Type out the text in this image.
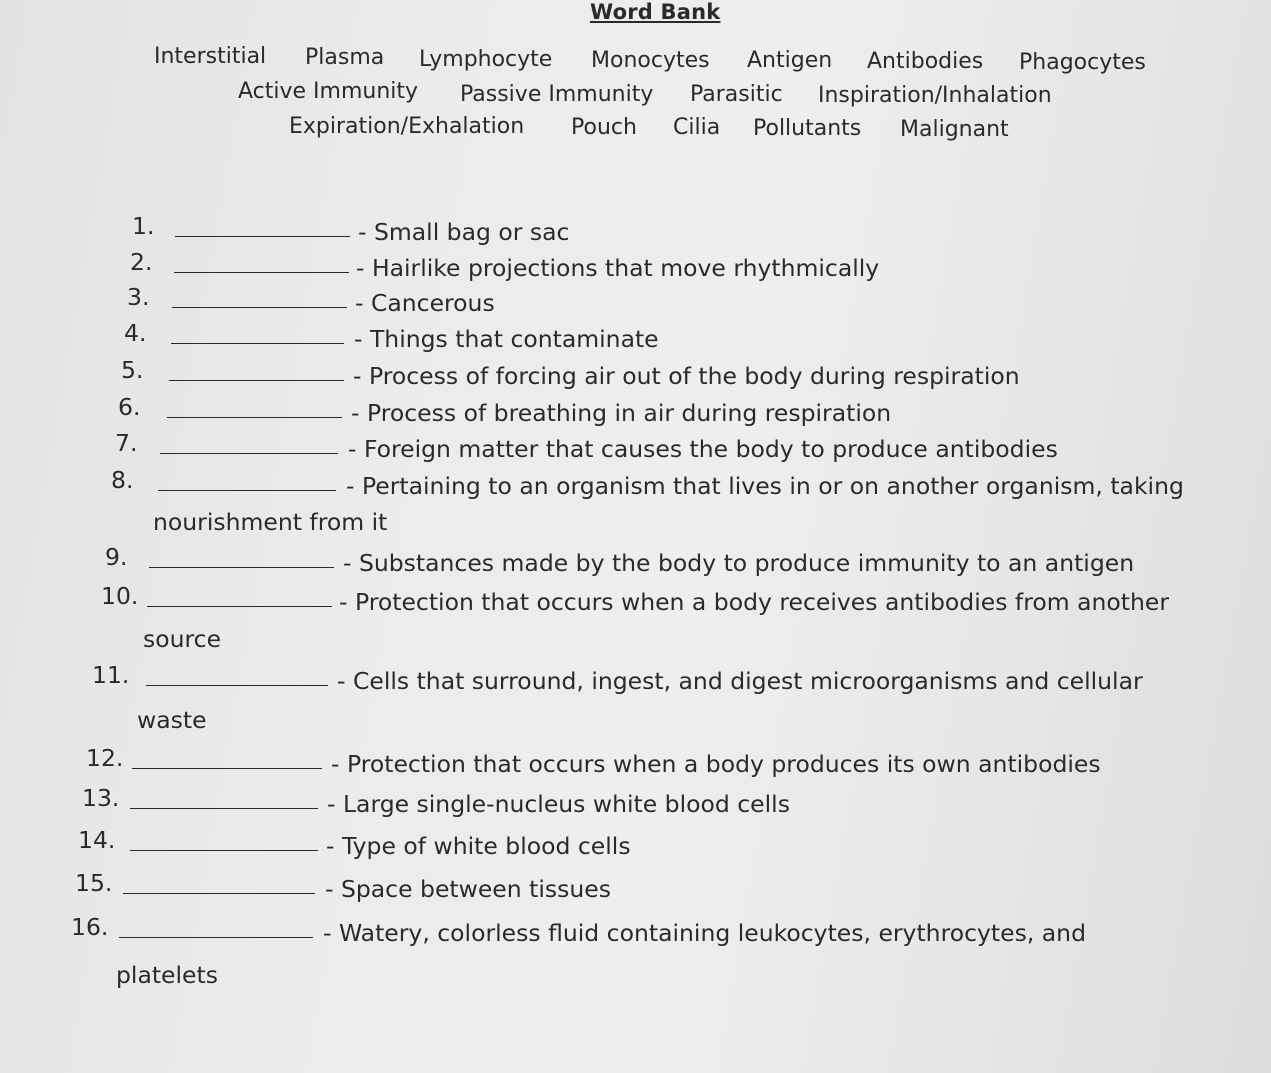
Word Bank
Interstitial Plasma Lymphocyte Monocytes Antigen Antibodies Phagocytes
Active Immunity Passive Immunity Parasitic Inspiration/Inhalation
Expiration/Exhalation Pouch Cilia Pollutants Malignant
1.	- Small bag or sac
2.	- Hairlike projections that move rhythmically
3.	- Cancerous
4.	- Things that contaminate
5.	- Process of forcing air out of the body during respiration
6.	- Process of breathing in air during respiration
7.	- Foreign matter that causes the body to produce antibodies
8.	- Pertaining to an organism that lives in or on another organism, taking
nourishment from it
9.	- Substances made by the body to produce immunity to an antigen
10.	- Protection that occurs when a body receives antibodies from another
source
11.	- Cells that surround, ingest, and digest microorganisms and cellular
waste
12.	- Protection that occurs when a body produces its own antibodies
13.	- Large single-nucleus white blood cells
14.	- Type of white blood cells
15.	- Space between tissues
16.	- Watery, colorless fluid containing leukocytes, erythrocytes, and
platelets
